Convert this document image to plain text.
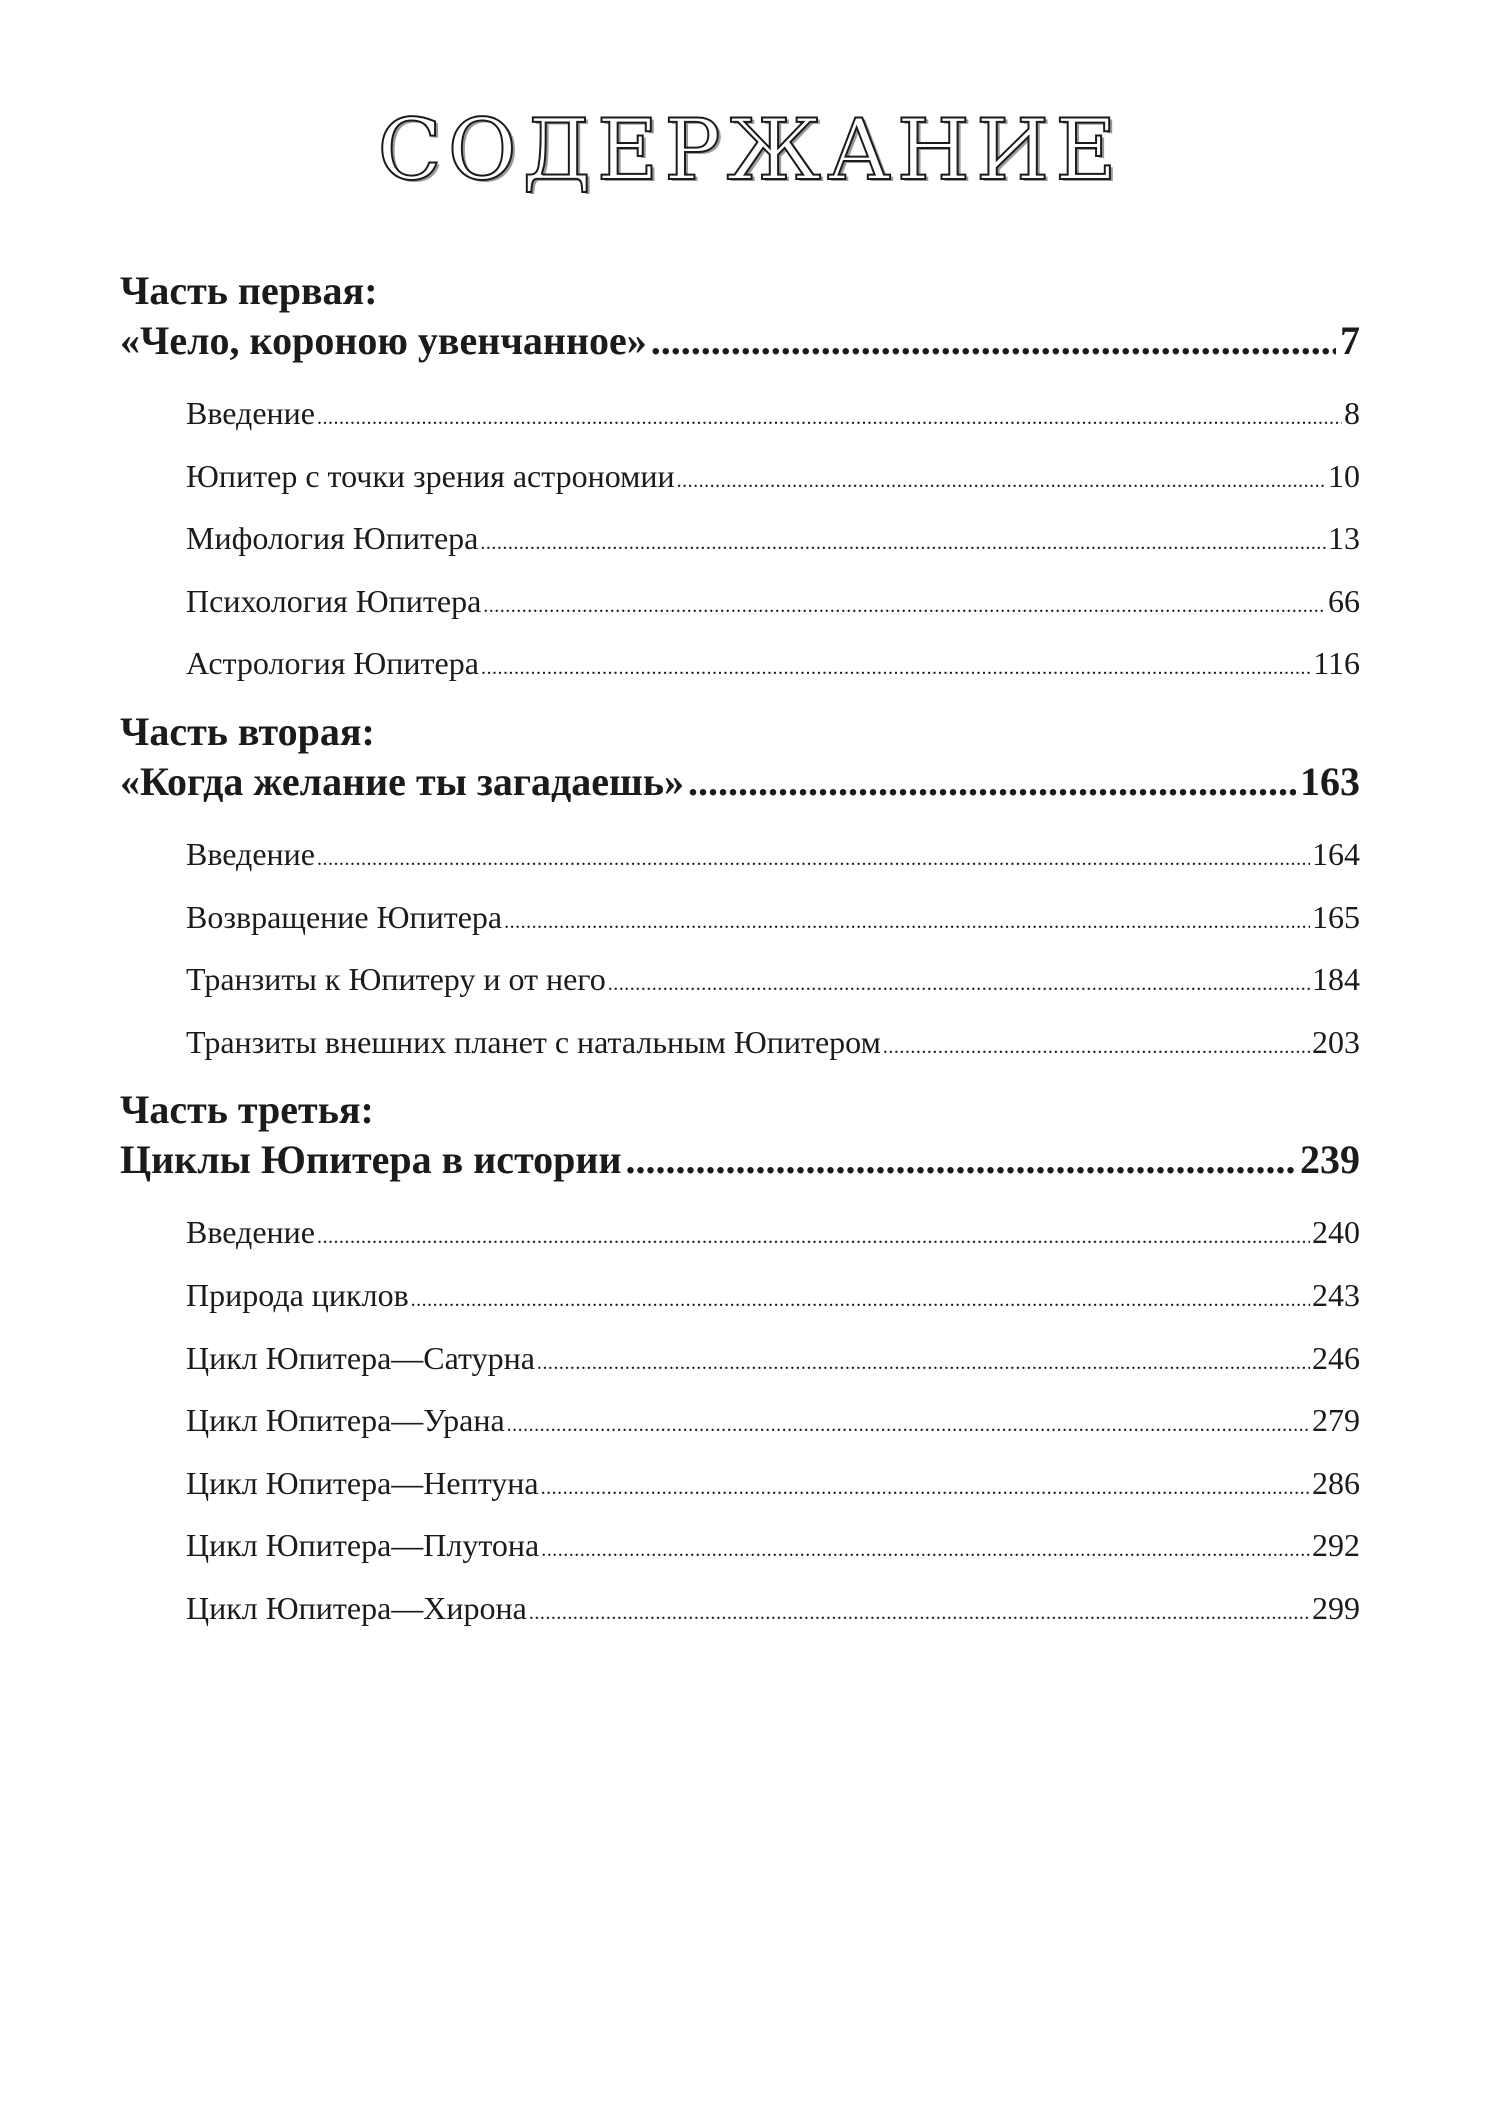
СОДЕРЖАНИЕ
Часть первая:
«Чело, короною увенчанное» .....	7
Введение .....	8
Юпитер с точки зрения астрономии .....	10
Мифология Юпитера .....	13
Психология Юпитера .....	66
Астрология Юпитера .....	116
Часть вторая:
«Когда желание ты загадаешь» .....	163
Введение .....	164
Возвращение Юпитера .....	165
Транзиты к Юпитеру и от него .....	184
Транзиты внешних планет с натальным Юпитером .....	203
Часть третья:
Циклы Юпитера в истории .....	239
Введение .....	240
Природа циклов .....	243
Цикл Юпитера—Сатурна .....	246
Цикл Юпитера—Урана .....	279
Цикл Юпитера—Нептуна .....	286
Цикл Юпитера—Плутона .....	292
Цикл Юпитера—Хирона .....	299
